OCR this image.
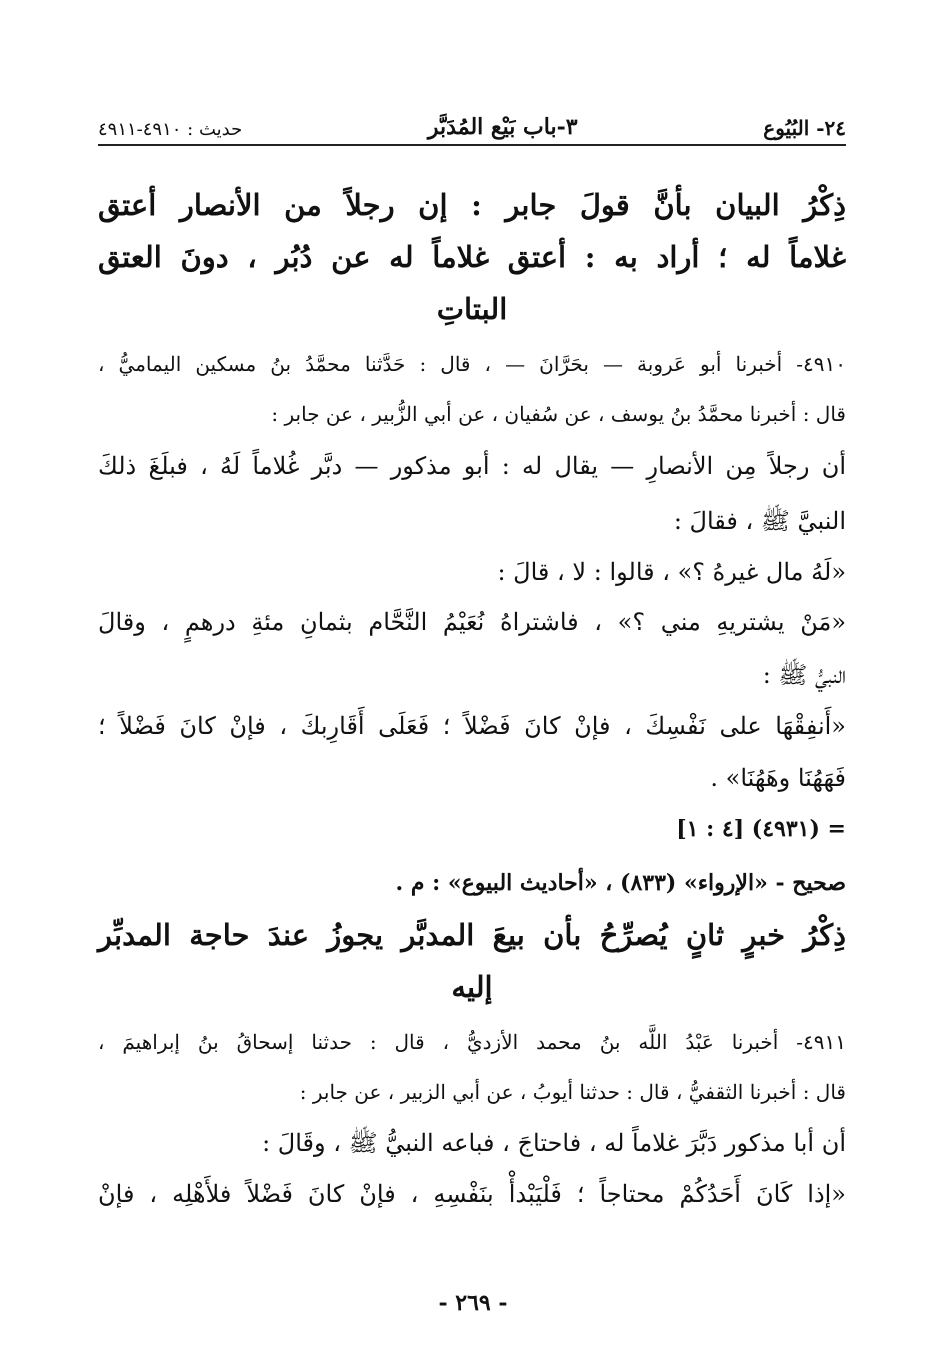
٢٤- البُيُوع
٣-باب بَيْع المُدَبَّر
حديث : ٤٩١٠-٤٩١١
ذِكْرُ البيان بأنَّ قولَ جابر : إن رجلاً من الأنصار أعتق
غلاماً له ؛ أراد به : أعتق غلاماً له عن دُبُر ، دونَ العتق
البتاتِ
٤٩١٠- أخبرنا أبو عَروبة — بحَرَّانَ — ، قال : حَدَّثنا محمَّدُ بنُ مسكين اليماميُّ ،
قال : أخبرنا محمَّدُ بنُ يوسف ، عن سُفيان ، عن أبي الزُّبير ، عن جابر :
أن رجلاً مِن الأنصارِ — يقال له : أبو مذكور — دبَّر غُلاماً لَهُ ، فبلَغَ ذلكَ
النبيَّ ﷺ ، فقالَ :
«لَهُ مال غيرهُ ؟» ، قالوا : لا ، قالَ :
«مَنْ يشتريهِ مني ؟» ، فاشتراهُ نُعَيْمُ النَّحَّام بثمانِ مئةِ درهمٍ ، وقالَ
النبيُّ ﷺ :
«أَنفِقْهَا على نَفْسِكَ ، فإنْ كانَ فَضْلاً ؛ فَعَلَى أَقَارِبكَ ، فإنْ كانَ فَضْلاً ؛
فَهَهُنَا وهَهُنَا» .
= (٤٩٣١) [٤ : ١]
صحيح - «الإرواء» (٨٣٣) ، «أحاديث البيوع» : م .
ذِكْرُ خبرٍ ثانٍ يُصرِّحُ بأن بيعَ المدبَّر يجوزُ عندَ حاجة المدبِّر
إليه
٤٩١١- أخبرنا عَبْدُ اللَّه بنُ محمد الأزديُّ ، قال : حدثنا إسحاقُ بنُ إبراهيمَ ،
قال : أخبرنا الثقفيُّ ، قال : حدثنا أيوبُ ، عن أبي الزبير ، عن جابر :
أن أبا مذكور دَبَّرَ غلاماً له ، فاحتاجَ ، فباعه النبيُّ ﷺ ، وقَالَ :
«إذا كَانَ أَحَدُكُمْ محتاجاً ؛ فَلْيَبْدأْ بنَفْسِهِ ، فإنْ كانَ فَضْلاً فلأَهْلِه ، فإنْ
- ٢٦٩ -
